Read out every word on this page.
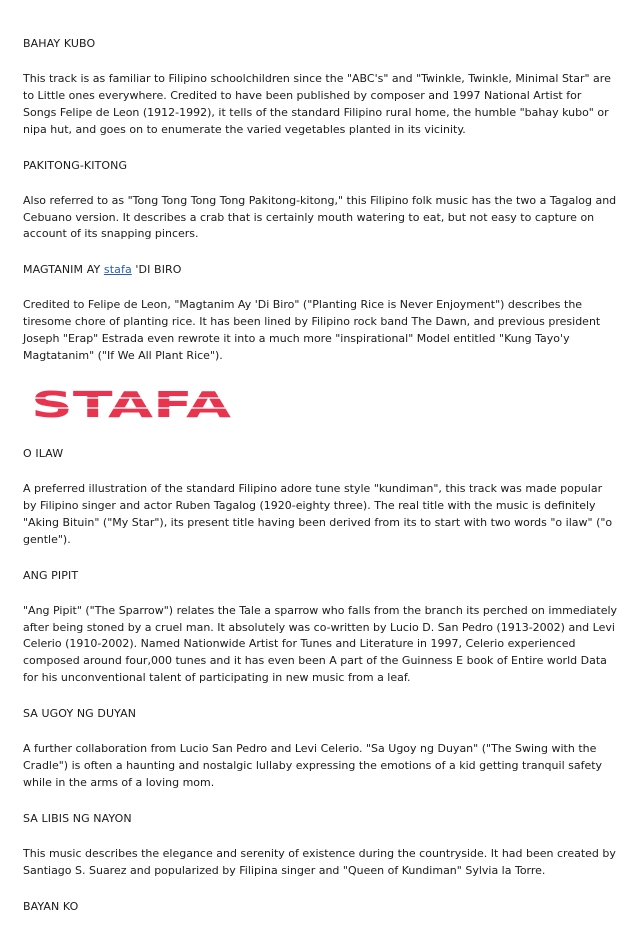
BAHAY KUBO

This track is as familiar to Filipino schoolchildren since the "ABC's" and "Twinkle, Twinkle, Minimal Star" are to Little ones everywhere. Credited to have been published by composer and 1997 National Artist for Songs Felipe de Leon (1912-1992), it tells of the standard Filipino rural home, the humble "bahay kubo" or nipa hut, and goes on to enumerate the varied vegetables planted in its vicinity.

PAKITONG-KITONG

Also referred to as "Tong Tong Tong Tong Pakitong-kitong," this Filipino folk music has the two a Tagalog and Cebuano version. It describes a crab that is certainly mouth watering to eat, but not easy to capture on account of its snapping pincers.

MAGTANIM AY stafa 'DI BIRO

Credited to Felipe de Leon, "Magtanim Ay 'Di Biro" ("Planting Rice is Never Enjoyment") describes the tiresome chore of planting rice. It has been lined by Filipino rock band The Dawn, and previous president Joseph "Erap" Estrada even rewrote it into a much more "inspirational" Model entitled "Kung Tayo'y Magtatanim" ("If We All Plant Rice").

STAFA
O ILAW

A preferred illustration of the standard Filipino adore tune style "kundiman", this track was made popular by Filipino singer and actor Ruben Tagalog (1920-eighty three). The real title with the music is definitely "Aking Bituin" ("My Star"), its present title having been derived from its to start with two words "o ilaw" ("o gentle").

ANG PIPIT

"Ang Pipit" ("The Sparrow") relates the Tale a sparrow who falls from the branch its perched on immediately after being stoned by a cruel man. It absolutely was co-written by Lucio D. San Pedro (1913-2002) and Levi Celerio (1910-2002). Named Nationwide Artist for Tunes and Literature in 1997, Celerio experienced composed around four,000 tunes and it has even been A part of the Guinness E book of Entire world Data for his unconventional talent of participating in new music from a leaf.

SA UGOY NG DUYAN

A further collaboration from Lucio San Pedro and Levi Celerio. "Sa Ugoy ng Duyan" ("The Swing with the Cradle") is often a haunting and nostalgic lullaby expressing the emotions of a kid getting tranquil safety while in the arms of a loving mom.

SA LIBIS NG NAYON

This music describes the elegance and serenity of existence during the countryside. It had been created by Santiago S. Suarez and popularized by Filipina singer and "Queen of Kundiman" Sylvia la Torre.

BAYAN KO
